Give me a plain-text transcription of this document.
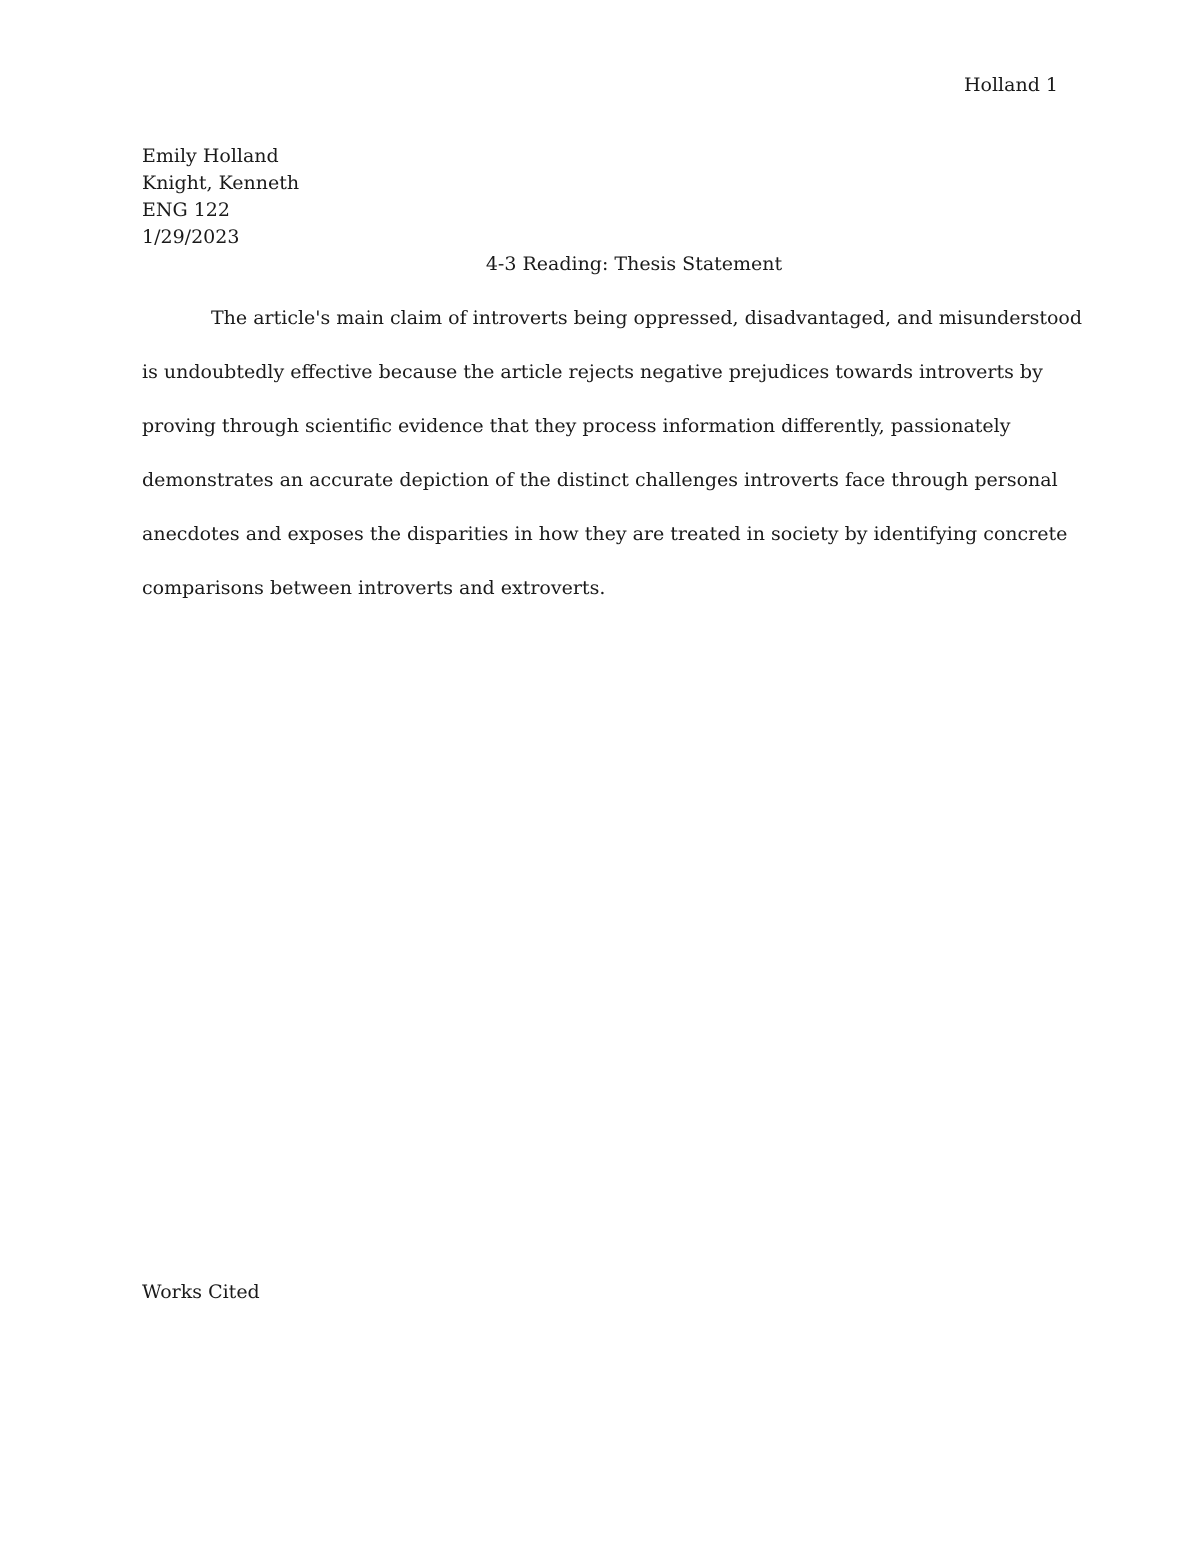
Holland 1
Emily Holland
Knight, Kenneth
ENG 122
1/29/2023
4-3 Reading: Thesis Statement
The article's main claim of introverts being oppressed, disadvantaged, and misunderstood
is undoubtedly effective because the article rejects negative prejudices towards introverts by
proving through scientific evidence that they process information differently, passionately
demonstrates an accurate depiction of the distinct challenges introverts face through personal
anecdotes and exposes the disparities in how they are treated in society by identifying concrete
comparisons between introverts and extroverts.
Works Cited
